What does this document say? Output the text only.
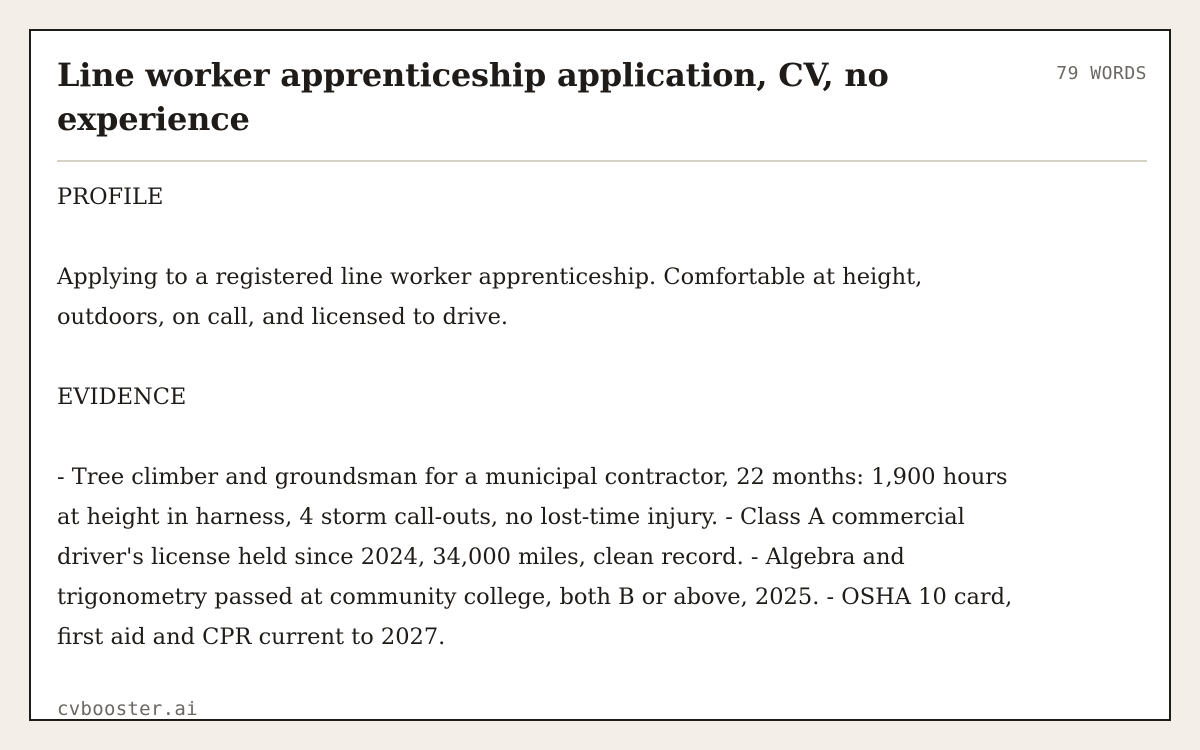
Line worker apprenticeship application, CV, no experience
79 WORDS

PROFILE

Applying to a registered line worker apprenticeship. Comfortable at height, outdoors, on call, and licensed to drive.

EVIDENCE

- Tree climber and groundsman for a municipal contractor, 22 months: 1,900 hours at height in harness, 4 storm call-outs, no lost-time injury. - Class A commercial driver's license held since 2024, 34,000 miles, clean record. - Algebra and trigonometry passed at community college, both B or above, 2025. - OSHA 10 card, first aid and CPR current to 2027.

cvbooster.ai
